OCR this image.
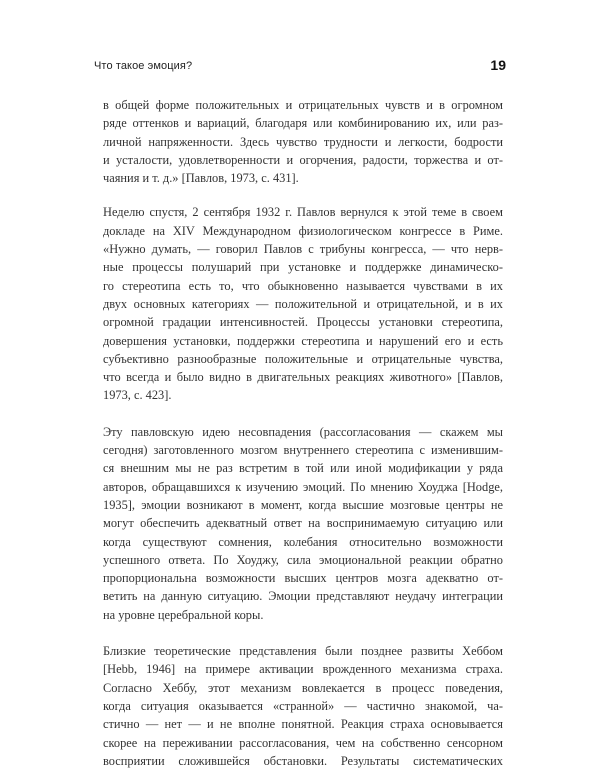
Что такое эмоция?	19

в общей форме положительных и отрицательных чувств и в огромном
ряде оттенков и вариаций, благодаря или комбинированию их, или раз-
личной напряженности. Здесь чувство трудности и легкости, бодрости
и усталости, удовлетворенности и огорчения, радости, торжества и от-
чаяния и т. д.» [Павлов, 1973, с. 431].

Неделю спустя, 2 сентября 1932 г. Павлов вернулся к этой теме в своем
докладе на XIV Международном физиологическом конгрессе в Риме.
«Нужно думать, — говорил Павлов с трибуны конгресса, — что нерв-
ные процессы полушарий при установке и поддержке динамическо-
го стереотипа есть то, что обыкновенно называется чувствами в их
двух основных категориях — положительной и отрицательной, и в их
огромной градации интенсивностей. Процессы установки стереотипа,
довершения установки, поддержки стереотипа и нарушений его и есть
субъективно разнообразные положительные и отрицательные чувства,
что всегда и было видно в двигательных реакциях животного» [Павлов,
1973, с. 423].

Эту павловскую идею несовпадения (рассогласования — скажем мы
сегодня) заготовленного мозгом внутреннего стереотипа с изменившим-
ся внешним мы не раз встретим в той или иной модификации у ряда
авторов, обращавшихся к изучению эмоций. По мнению Хоуджа [Hodge,
1935], эмоции возникают в момент, когда высшие мозговые центры не
могут обеспечить адекватный ответ на воспринимаемую ситуацию или
когда существуют сомнения, колебания относительно возможности
успешного ответа. По Хоуджу, сила эмоциональной реакции обратно
пропорциональна возможности высших центров мозга адекватно от-
ветить на данную ситуацию. Эмоции представляют неудачу интеграции
на уровне церебральной коры.

Близкие теоретические представления были позднее развиты Хеббом
[Hebb, 1946] на примере активации врожденного механизма страха.
Согласно Хеббу, этот механизм вовлекается в процесс поведения,
когда ситуация оказывается «странной» — частично знакомой, ча-
стично — нет — и не вполне понятной. Реакция страха основывается
скорее на переживании рассогласования, чем на собственно сенсорном
восприятии сложившейся обстановки. Результаты систематических
